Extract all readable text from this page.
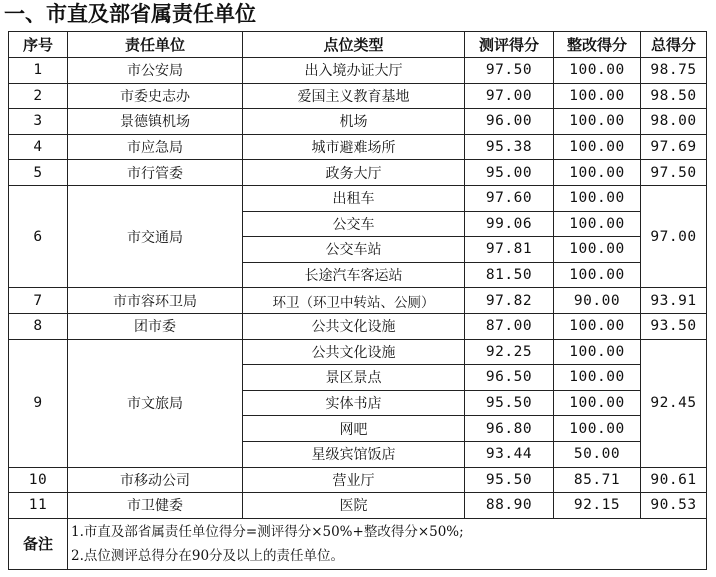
一、市直及部省属责任单位
序号	责任单位	点位类型	测评得分	整改得分	总得分
1	市公安局	出入境办证大厅	97.50	100.00	98.75
2	市委史志办	爱国主义教育基地	97.00	100.00	98.50
3	景德镇机场	机场	96.00	100.00	98.00
4	市应急局	城市避难场所	95.38	100.00	97.69
5	市行管委	政务大厅	95.00	100.00	97.50
6	市交通局	出租车	97.60	100.00	97.00
		公交车	99.06	100.00	
		公交车站	97.81	100.00	
		长途汽车客运站	81.50	100.00	
7	市市容环卫局	环卫（环卫中转站、公厕）	97.82	90.00	93.91
8	团市委	公共文化设施	87.00	100.00	93.50
9	市文旅局	公共文化设施	92.25	100.00	92.45
		景区景点	96.50	100.00	
		实体书店	95.50	100.00	
		网吧	96.80	100.00	
		星级宾馆饭店	93.44	50.00	
10	市移动公司	营业厅	95.50	85.71	90.61
11	市卫健委	医院	88.90	92.15	90.53
备注	1.市直及部省属责任单位得分=测评得分×50%+整改得分×50%;
2.点位测评总得分在90分及以上的责任单位。				
